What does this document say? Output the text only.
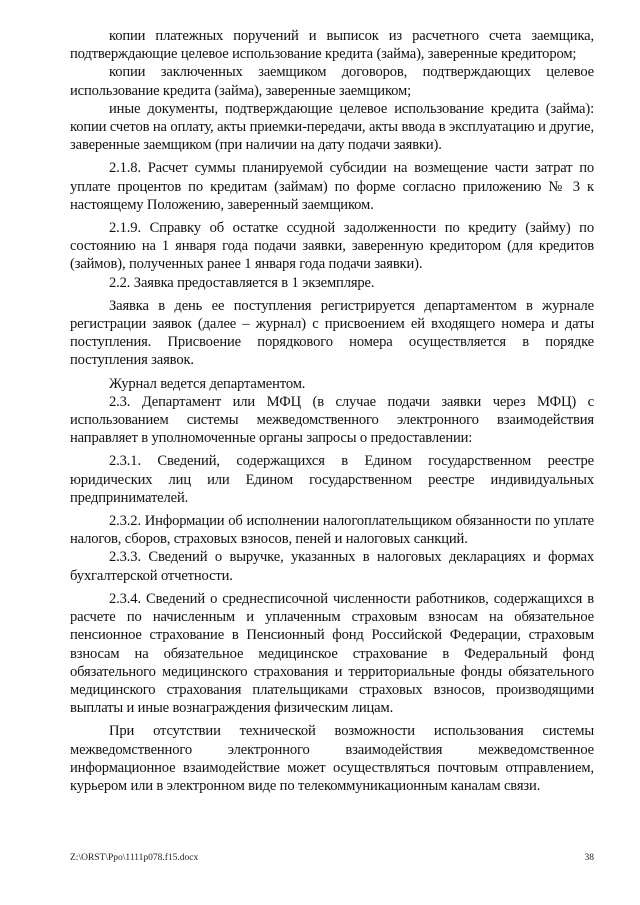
копии платежных поручений и выписок из расчетного счета заемщика, подтверждающие целевое использование кредита (займа), заверенные кредитором;

копии заключенных заемщиком договоров, подтверждающих целевое использование кредита (займа), заверенные заемщиком;

иные документы, подтверждающие целевое использование кредита (займа): копии счетов на оплату, акты приемки-передачи, акты ввода в эксплуатацию и другие, заверенные заемщиком (при наличии на дату подачи заявки).

2.1.8. Расчет суммы планируемой субсидии на возмещение части затрат по уплате процентов по кредитам (займам) по форме согласно приложению № 3 к настоящему Положению, заверенный заемщиком.

2.1.9. Справку об остатке ссудной задолженности по кредиту (займу) по состоянию на 1 января года подачи заявки, заверенную кредитором (для кредитов (займов), полученных ранее 1 января года подачи заявки).

2.2. Заявка предоставляется в 1 экземпляре.

Заявка в день ее поступления регистрируется департаментом в журнале регистрации заявок (далее – журнал) с присвоением ей входящего номера и даты поступления. Присвоение порядкового номера осуществляется в порядке поступления заявок.

Журнал ведется департаментом.

2.3. Департамент или МФЦ (в случае подачи заявки через МФЦ) с использованием системы межведомственного электронного взаимодействия направляет в уполномоченные органы запросы о предоставлении:

2.3.1. Сведений, содержащихся в Едином государственном реестре юридических лиц или Едином государственном реестре индивидуальных предпринимателей.

2.3.2. Информации об исполнении налогоплательщиком обязанности по уплате налогов, сборов, страховых взносов, пеней и налоговых санкций.

2.3.3. Сведений о выручке, указанных в налоговых декларациях и формах бухгалтерской отчетности.

2.3.4. Сведений о среднесписочной численности работников, содержащихся в расчете по начисленным и уплаченным страховым взносам на обязательное пенсионное страхование в Пенсионный фонд Российской Федерации, страховым взносам на обязательное медицинское страхование в Федеральный фонд обязательного медицинского страхования и территориальные фонды обязательного медицинского страхования плательщиками страховых взносов, производящими выплаты и иные вознаграждения физическим лицам.

При отсутствии технической возможности использования системы межведомственного электронного взаимодействия межведомственное информационное взаимодействие может осуществляться почтовым отправлением, курьером или в электронном виде по телекоммуникационным каналам связи.

Z:\ORST\Ppo\1111p078.f15.docx	38
